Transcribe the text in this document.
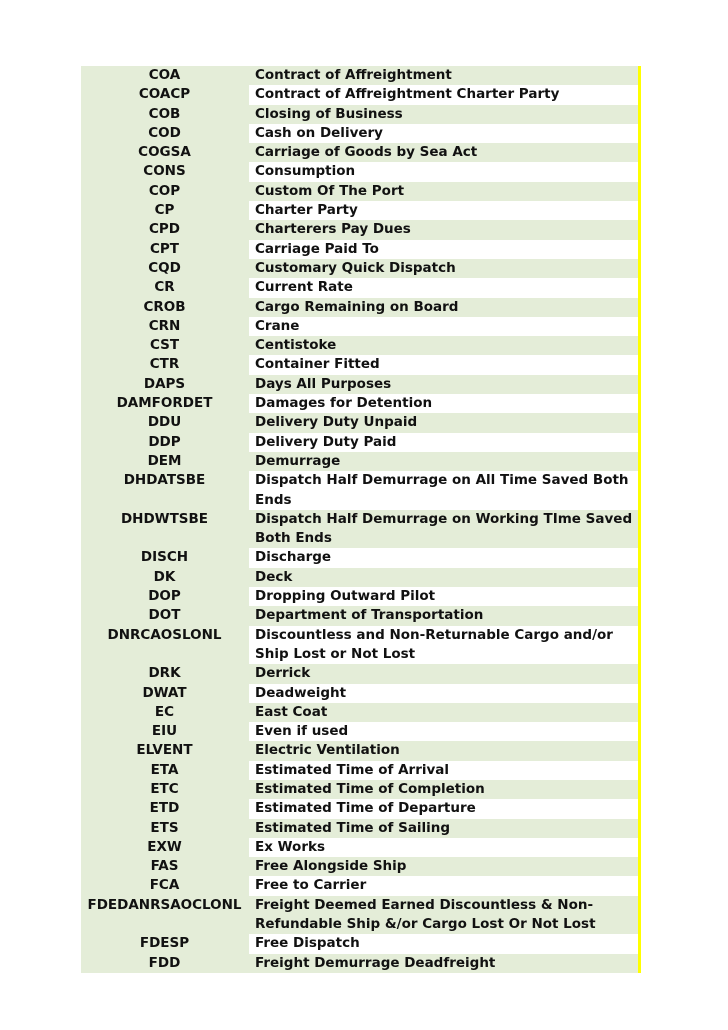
COA	Contract of Affreightment
COACP	Contract of Affreightment Charter Party
COB	Closing of Business
COD	Cash on Delivery
COGSA	Carriage of Goods by Sea Act
CONS	Consumption
COP	Custom Of The Port
CP	Charter Party
CPD	Charterers Pay Dues
CPT	Carriage Paid To
CQD	Customary Quick Dispatch
CR	Current Rate
CROB	Cargo Remaining on Board
CRN	Crane
CST	Centistoke
CTR	Container Fitted
DAPS	Days All Purposes
DAMFORDET	Damages for Detention
DDU	Delivery Duty Unpaid
DDP	Delivery Duty Paid
DEM	Demurrage
DHDATSBE	Dispatch Half Demurrage on All Time Saved Both Ends
DHDWTSBE	Dispatch Half Demurrage on Working TIme Saved Both Ends
DISCH	Discharge
DK	Deck
DOP	Dropping Outward Pilot
DOT	Department of Transportation
DNRCAOSLONL	Discountless and Non-Returnable Cargo and/or Ship Lost or Not Lost
DRK	Derrick
DWAT	Deadweight
EC	East Coat
EIU	Even if used
ELVENT	Electric Ventilation
ETA	Estimated Time of Arrival
ETC	Estimated Time of Completion
ETD	Estimated Time of Departure
ETS	Estimated Time of Sailing
EXW	Ex Works
FAS	Free Alongside Ship
FCA	Free to Carrier
FDEDANRSAOCLONL Freight Deemed Earned Discountless & Non-Refundable Ship &/or Cargo Lost Or Not Lost
FDESP	Free Dispatch
FDD	Freight Demurrage Deadfreight
